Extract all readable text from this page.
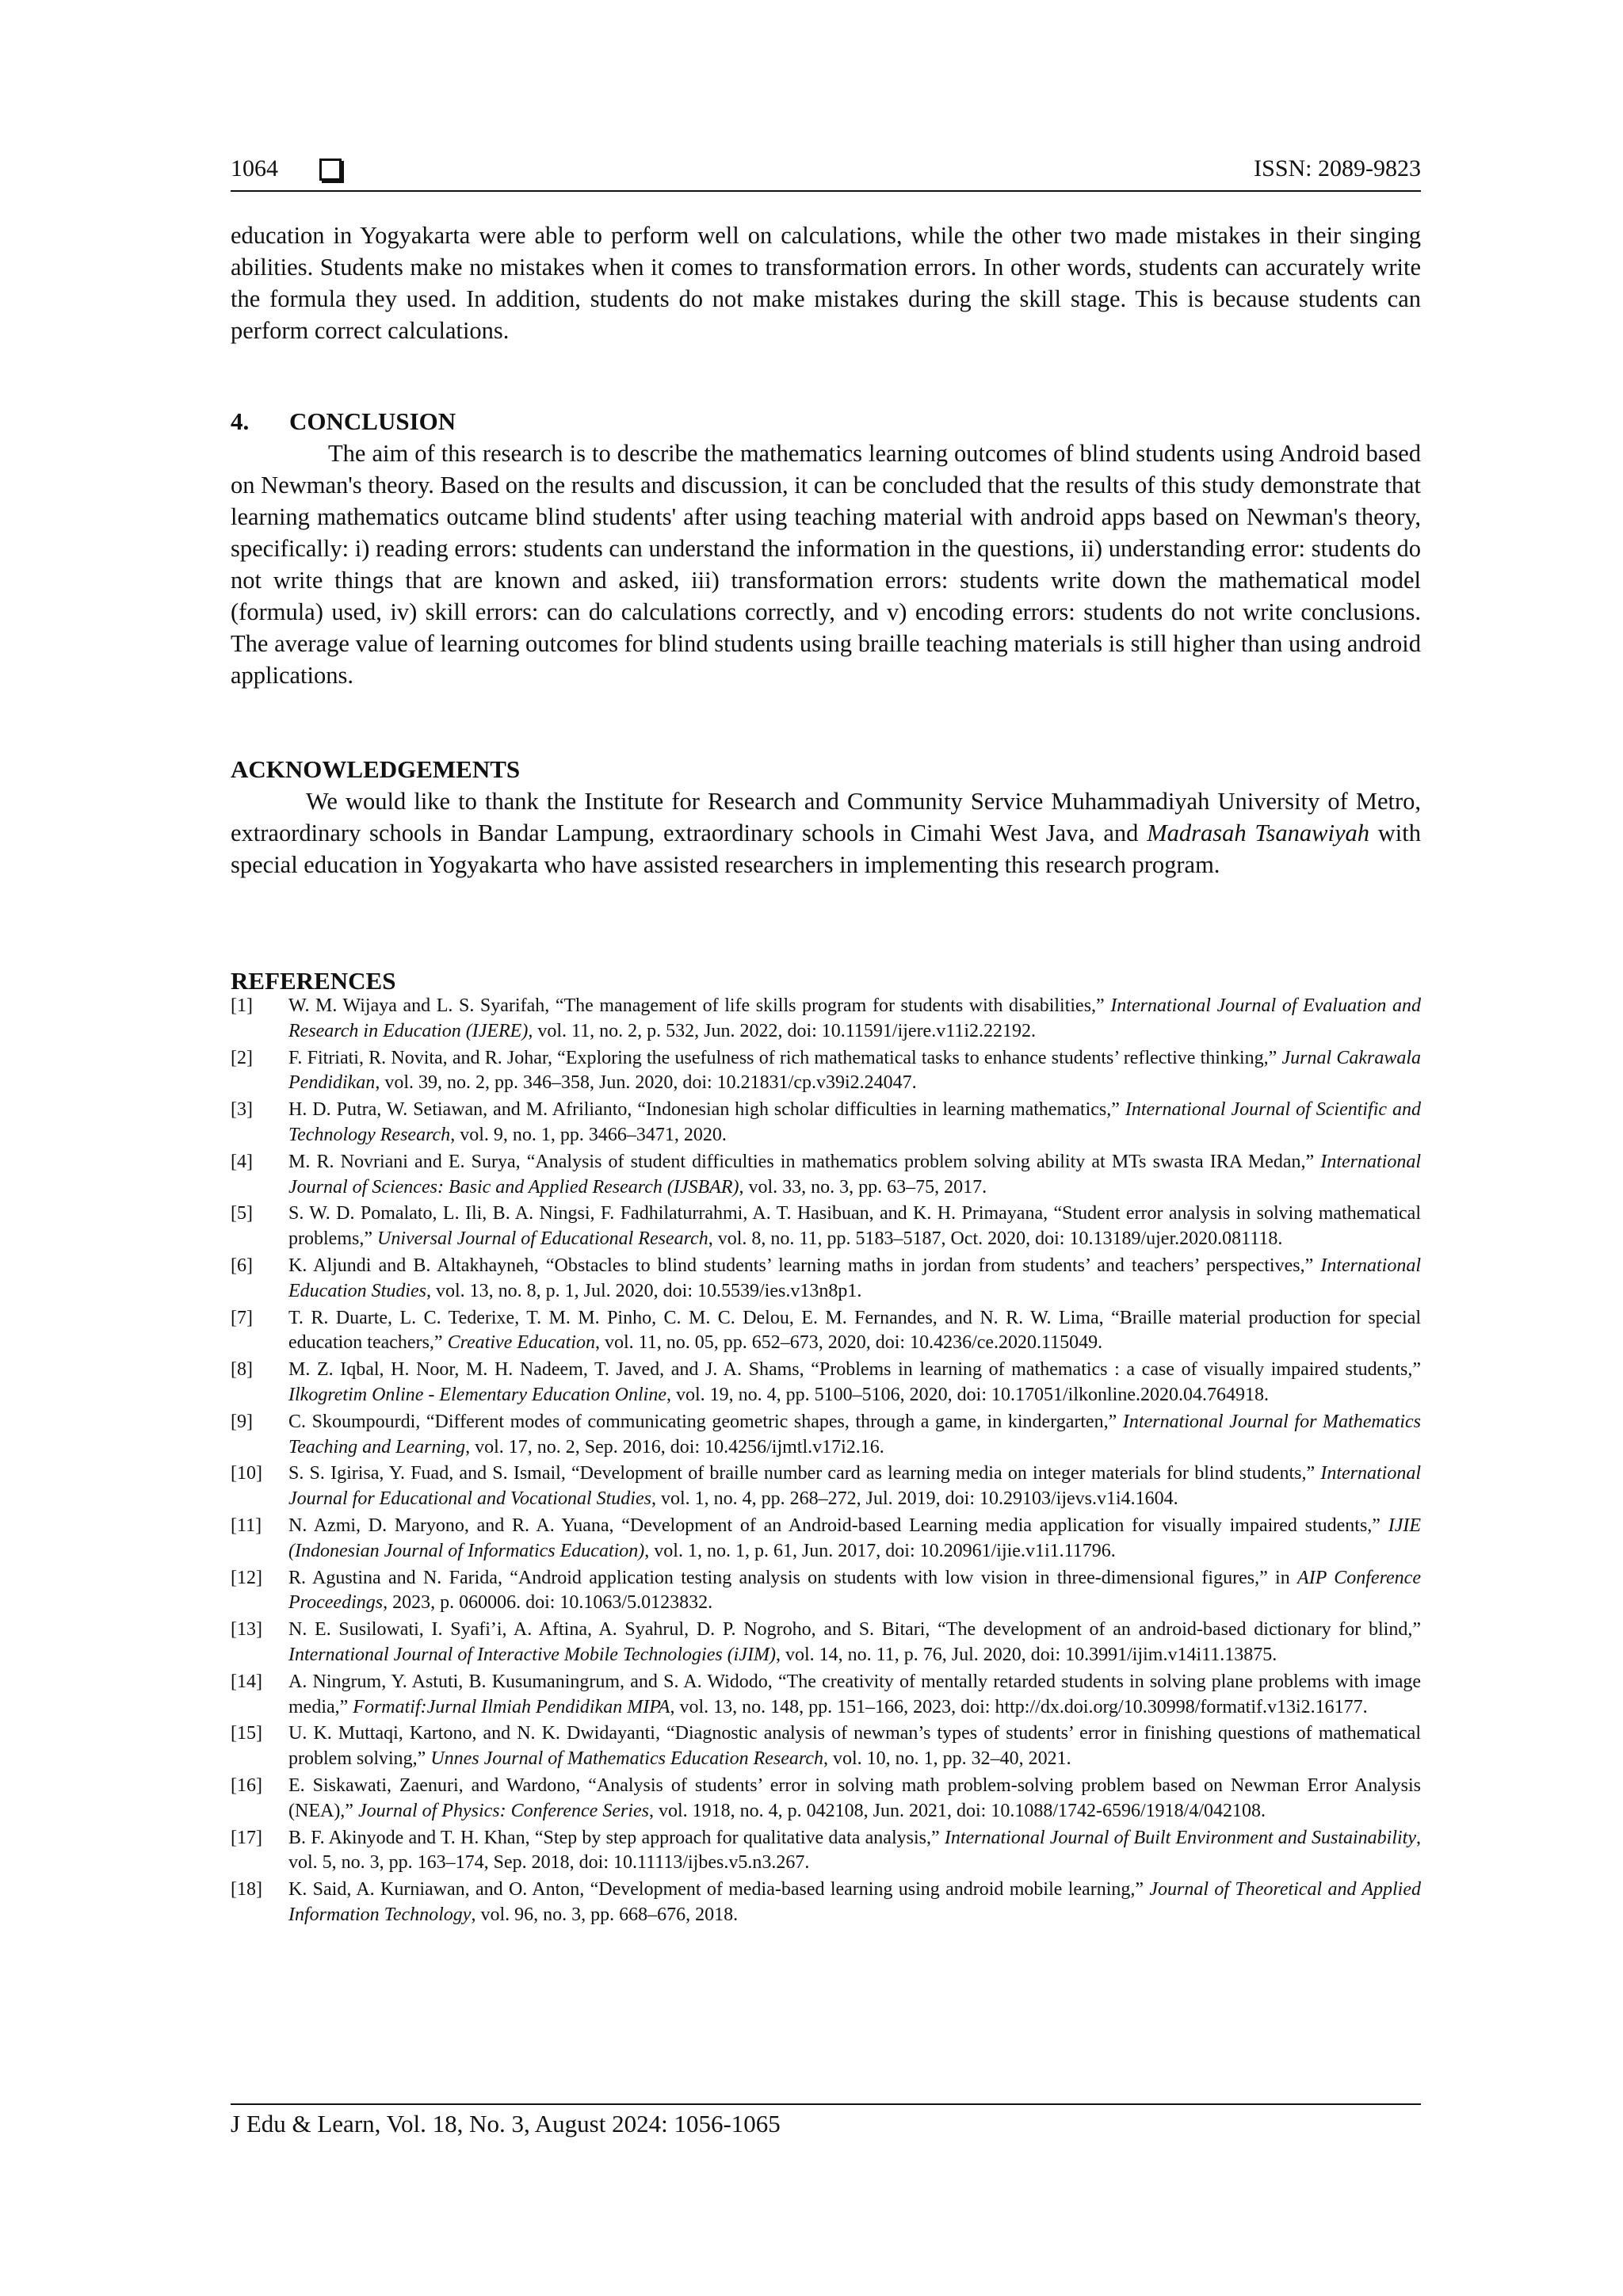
1064	ISSN: 2089-9823

education in Yogyakarta were able to perform well on calculations, while the other two made mistakes in their singing abilities. Students make no mistakes when it comes to transformation errors. In other words, students can accurately write the formula they used. In addition, students do not make mistakes during the skill stage. This is because students can perform correct calculations.

4. CONCLUSION

The aim of this research is to describe the mathematics learning outcomes of blind students using Android based on Newman's theory. Based on the results and discussion, it can be concluded that the results of this study demonstrate that learning mathematics outcame blind students' after using teaching material with android apps based on Newman's theory, specifically: i) reading errors: students can understand the information in the questions, ii) understanding error: students do not write things that are known and asked, iii) transformation errors: students write down the mathematical model (formula) used, iv) skill errors: can do calculations correctly, and v) encoding errors: students do not write conclusions. The average value of learning outcomes for blind students using braille teaching materials is still higher than using android applications.

ACKNOWLEDGEMENTS

We would like to thank the Institute for Research and Community Service Muhammadiyah University of Metro, extraordinary schools in Bandar Lampung, extraordinary schools in Cimahi West Java, and Madrasah Tsanawiyah with special education in Yogyakarta who have assisted researchers in implementing this research program.

REFERENCES
[1]	W. M. Wijaya and L. S. Syarifah, “The management of life skills program for students with disabilities,” International Journal of Evaluation and Research in Education (IJERE), vol. 11, no. 2, p. 532, Jun. 2022, doi: 10.11591/ijere.v11i2.22192.
[2]	F. Fitriati, R. Novita, and R. Johar, “Exploring the usefulness of rich mathematical tasks to enhance students’ reflective thinking,” Jurnal Cakrawala Pendidikan, vol. 39, no. 2, pp. 346–358, Jun. 2020, doi: 10.21831/cp.v39i2.24047.
[3]	H. D. Putra, W. Setiawan, and M. Afrilianto, “Indonesian high scholar difficulties in learning mathematics,” International Journal of Scientific and Technology Research, vol. 9, no. 1, pp. 3466–3471, 2020.
[4]	M. R. Novriani and E. Surya, “Analysis of student difficulties in mathematics problem solving ability at MTs swasta IRA Medan,” International Journal of Sciences: Basic and Applied Research (IJSBAR), vol. 33, no. 3, pp. 63–75, 2017.
[5]	S. W. D. Pomalato, L. Ili, B. A. Ningsi, F. Fadhilaturrahmi, A. T. Hasibuan, and K. H. Primayana, “Student error analysis in solving mathematical problems,” Universal Journal of Educational Research, vol. 8, no. 11, pp. 5183–5187, Oct. 2020, doi: 10.13189/ujer.2020.081118.
[6]	K. Aljundi and B. Altakhayneh, “Obstacles to blind students’ learning maths in jordan from students’ and teachers’ perspectives,” International Education Studies, vol. 13, no. 8, p. 1, Jul. 2020, doi: 10.5539/ies.v13n8p1.
[7]	T. R. Duarte, L. C. Tederixe, T. M. M. Pinho, C. M. C. Delou, E. M. Fernandes, and N. R. W. Lima, “Braille material production for special education teachers,” Creative Education, vol. 11, no. 05, pp. 652–673, 2020, doi: 10.4236/ce.2020.115049.
[8]	M. Z. Iqbal, H. Noor, M. H. Nadeem, T. Javed, and J. A. Shams, “Problems in learning of mathematics : a case of visually impaired students,” Ilkogretim Online - Elementary Education Online, vol. 19, no. 4, pp. 5100–5106, 2020, doi: 10.17051/ilkonline.2020.04.764918.
[9]	C. Skoumpourdi, “Different modes of communicating geometric shapes, through a game, in kindergarten,” International Journal for Mathematics Teaching and Learning, vol. 17, no. 2, Sep. 2016, doi: 10.4256/ijmtl.v17i2.16.
[10]	S. S. Igirisa, Y. Fuad, and S. Ismail, “Development of braille number card as learning media on integer materials for blind students,” International Journal for Educational and Vocational Studies, vol. 1, no. 4, pp. 268–272, Jul. 2019, doi: 10.29103/ijevs.v1i4.1604.
[11]	N. Azmi, D. Maryono, and R. A. Yuana, “Development of an Android-based Learning media application for visually impaired students,” IJIE (Indonesian Journal of Informatics Education), vol. 1, no. 1, p. 61, Jun. 2017, doi: 10.20961/ijie.v1i1.11796.
[12]	R. Agustina and N. Farida, “Android application testing analysis on students with low vision in three-dimensional figures,” in AIP Conference Proceedings, 2023, p. 060006. doi: 10.1063/5.0123832.
[13]	N. E. Susilowati, I. Syafi’i, A. Aftina, A. Syahrul, D. P. Nogroho, and S. Bitari, “The development of an android-based dictionary for blind,” International Journal of Interactive Mobile Technologies (iJIM), vol. 14, no. 11, p. 76, Jul. 2020, doi: 10.3991/ijim.v14i11.13875.
[14]	A. Ningrum, Y. Astuti, B. Kusumaningrum, and S. A. Widodo, “The creativity of mentally retarded students in solving plane problems with image media,” Formatif:Jurnal Ilmiah Pendidikan MIPA, vol. 13, no. 148, pp. 151–166, 2023, doi: http://dx.doi.org/10.30998/formatif.v13i2.16177.
[15]	U. K. Muttaqi, Kartono, and N. K. Dwidayanti, “Diagnostic analysis of newman’s types of students’ error in finishing questions of mathematical problem solving,” Unnes Journal of Mathematics Education Research, vol. 10, no. 1, pp. 32–40, 2021.
[16]	E. Siskawati, Zaenuri, and Wardono, “Analysis of students’ error in solving math problem-solving problem based on Newman Error Analysis (NEA),” Journal of Physics: Conference Series, vol. 1918, no. 4, p. 042108, Jun. 2021, doi: 10.1088/1742-6596/1918/4/042108.
[17]	B. F. Akinyode and T. H. Khan, “Step by step approach for qualitative data analysis,” International Journal of Built Environment and Sustainability, vol. 5, no. 3, pp. 163–174, Sep. 2018, doi: 10.11113/ijbes.v5.n3.267.
[18]	K. Said, A. Kurniawan, and O. Anton, “Development of media-based learning using android mobile learning,” Journal of Theoretical and Applied Information Technology, vol. 96, no. 3, pp. 668–676, 2018.
J Edu & Learn, Vol. 18, No. 3, August 2024: 1056-1065
